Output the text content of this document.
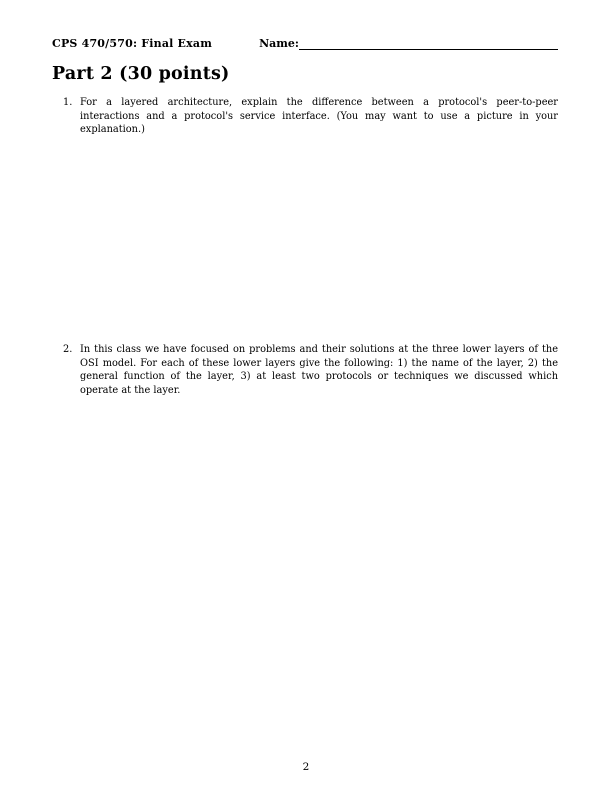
CPS 470/570: Final Exam	Name:
Part 2 (30 points)
1. For a layered architecture, explain the difference between a protocol's peer-to-peer interactions and a protocol's service interface. (You may want to use a picture in your explanation.)
2. In this class we have focused on problems and their solutions at the three lower layers of the OSI model. For each of these lower layers give the following: 1) the name of the layer, 2) the general function of the layer, 3) at least two protocols or techniques we discussed which operate at the layer.
2
